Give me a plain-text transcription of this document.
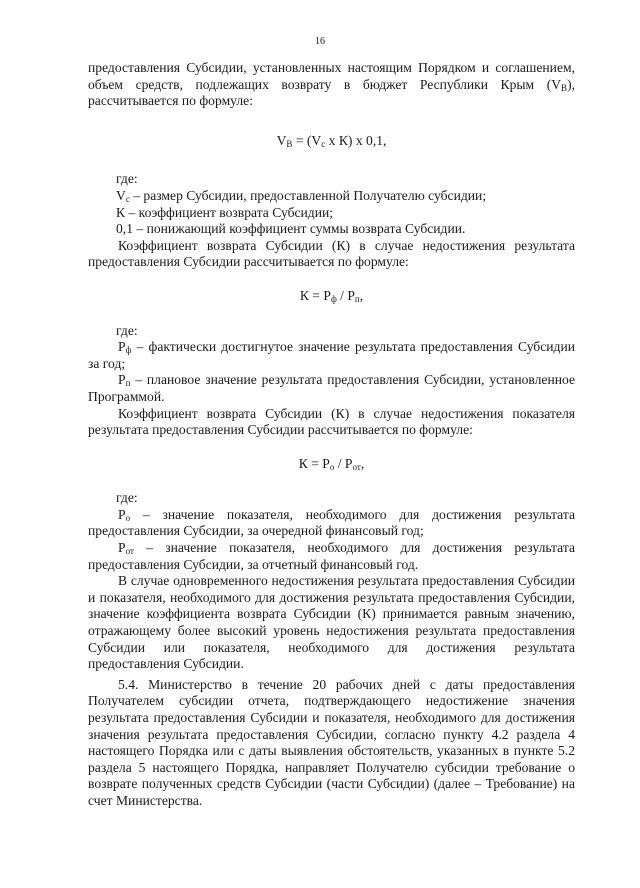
16

предоставления Субсидии, установленных настоящим Порядком и соглашением, объем средств, подлежащих возврату в бюджет Республики Крым $(V_В)$, рассчитывается по формуле:

$V_В = (V_c$ х К) х 0,1,

где:

$V_c$ – размер Субсидии, предоставленной Получателю субсидии;

К – коэффициент возврата Субсидии;

0,1 – понижающий коэффициент суммы возврата Субсидии.

Коэффициент возврата Субсидии (К) в случае недостижения результата предоставления Субсидии рассчитывается по формуле:

$К = Р_ф / Р_п$,

где:

$Р_ф$ – фактически достигнутое значение результата предоставления Субсидии за год;

$Р_п$ – плановое значение результата предоставления Субсидии, установленное Программой.

Коэффициент возврата Субсидии (К) в случае недостижения показателя результата предоставления Субсидии рассчитывается по формуле:

$К = Р_о / Р_{от}$,

где:

$Р_о$ – значение показателя, необходимого для достижения результата предоставления Субсидии, за очередной финансовый год;

$Р_{от}$ – значение показателя, необходимого для достижения результата предоставления Субсидии, за отчетный финансовый год.

В случае одновременного недостижения результата предоставления Субсидии и показателя, необходимого для достижения результата предоставления Субсидии, значение коэффициента возврата Субсидии (К) принимается равным значению, отражающему более высокий уровень недостижения результата предоставления Субсидии или показателя, необходимого для достижения результата предоставления Субсидии.

5.4. Министерство в течение 20 рабочих дней с даты предоставления Получателем субсидии отчета, подтверждающего недостижение значения результата предоставления Субсидии и показателя, необходимого для достижения значения результата предоставления Субсидии, согласно пункту 4.2 раздела 4 настоящего Порядка или с даты выявления обстоятельств, указанных в пункте 5.2 раздела 5 настоящего Порядка, направляет Получателю субсидии требование о возврате полученных средств Субсидии (части Субсидии) (далее – Требование) на счет Министерства.
